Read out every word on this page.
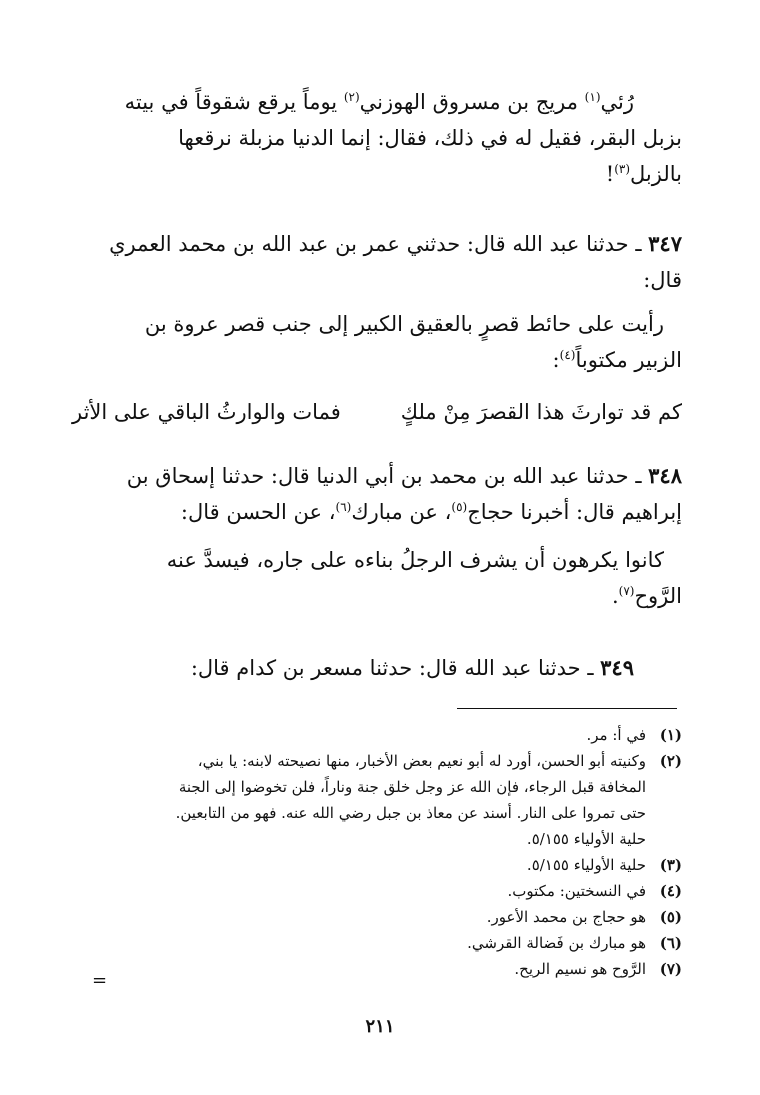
رُئي$^{(١)}$ مريج بن مسروق الهوزني$^{(٢)}$ يوماً يرقع شقوقاً في بيته
بزبل البقر، فقيل له في ذلك، فقال: إنما الدنيا مزبلة نرقعها
بالزبل$^{(٣)}$!
٣٤٧ ـ حدثنا عبد الله قال: حدثني عمر بن عبد الله بن محمد العمري
قال:
رأيت على حائط قصرٍ بالعقيق الكبير إلى جنب قصر عروة بن
الزبير مكتوباً$^{(٤)}$:
كم قد توارثَ هذا القصرَ مِنْ ملكٍ
فمات والوارثُ الباقي على الأثر
٣٤٨ ـ حدثنا عبد الله بن محمد بن أبي الدنيا قال: حدثنا إسحاق بن
إبراهيم قال: أخبرنا حجاج$^{(٥)}$، عن مبارك$^{(٦)}$، عن الحسن قال:
كانوا يكرهون أن يشرف الرجلُ بناءه على جاره، فيسدَّ عنه
الرَّوح$^{(٧)}$.
٣٤٩ ـ حدثنا عبد الله قال: حدثنا مسعر بن كدام قال:
(١)
في أ: مر.
(٢)
وكنيته أبو الحسن، أورد له أبو نعيم بعض الأخبار، منها نصيحته لابنه: يا بني،
المخافة قبل الرجاء، فإن الله عز وجل خلق جنة وناراً، فلن تخوضوا إلى الجنة
حتى تمروا على النار. أسند عن معاذ بن جبل رضي الله عنه. فهو من التابعين.
حلية الأولياء ٥/١٥٥.
(٣)
حلية الأولياء ٥/١٥٥.
(٤)
في النسختين: مكتوب.
(٥)
هو حجاج بن محمد الأعور.
(٦)
هو مبارك بن فَضالة القرشي.
(٧)
الرَّوح هو نسيم الريح.
=
٢١١
